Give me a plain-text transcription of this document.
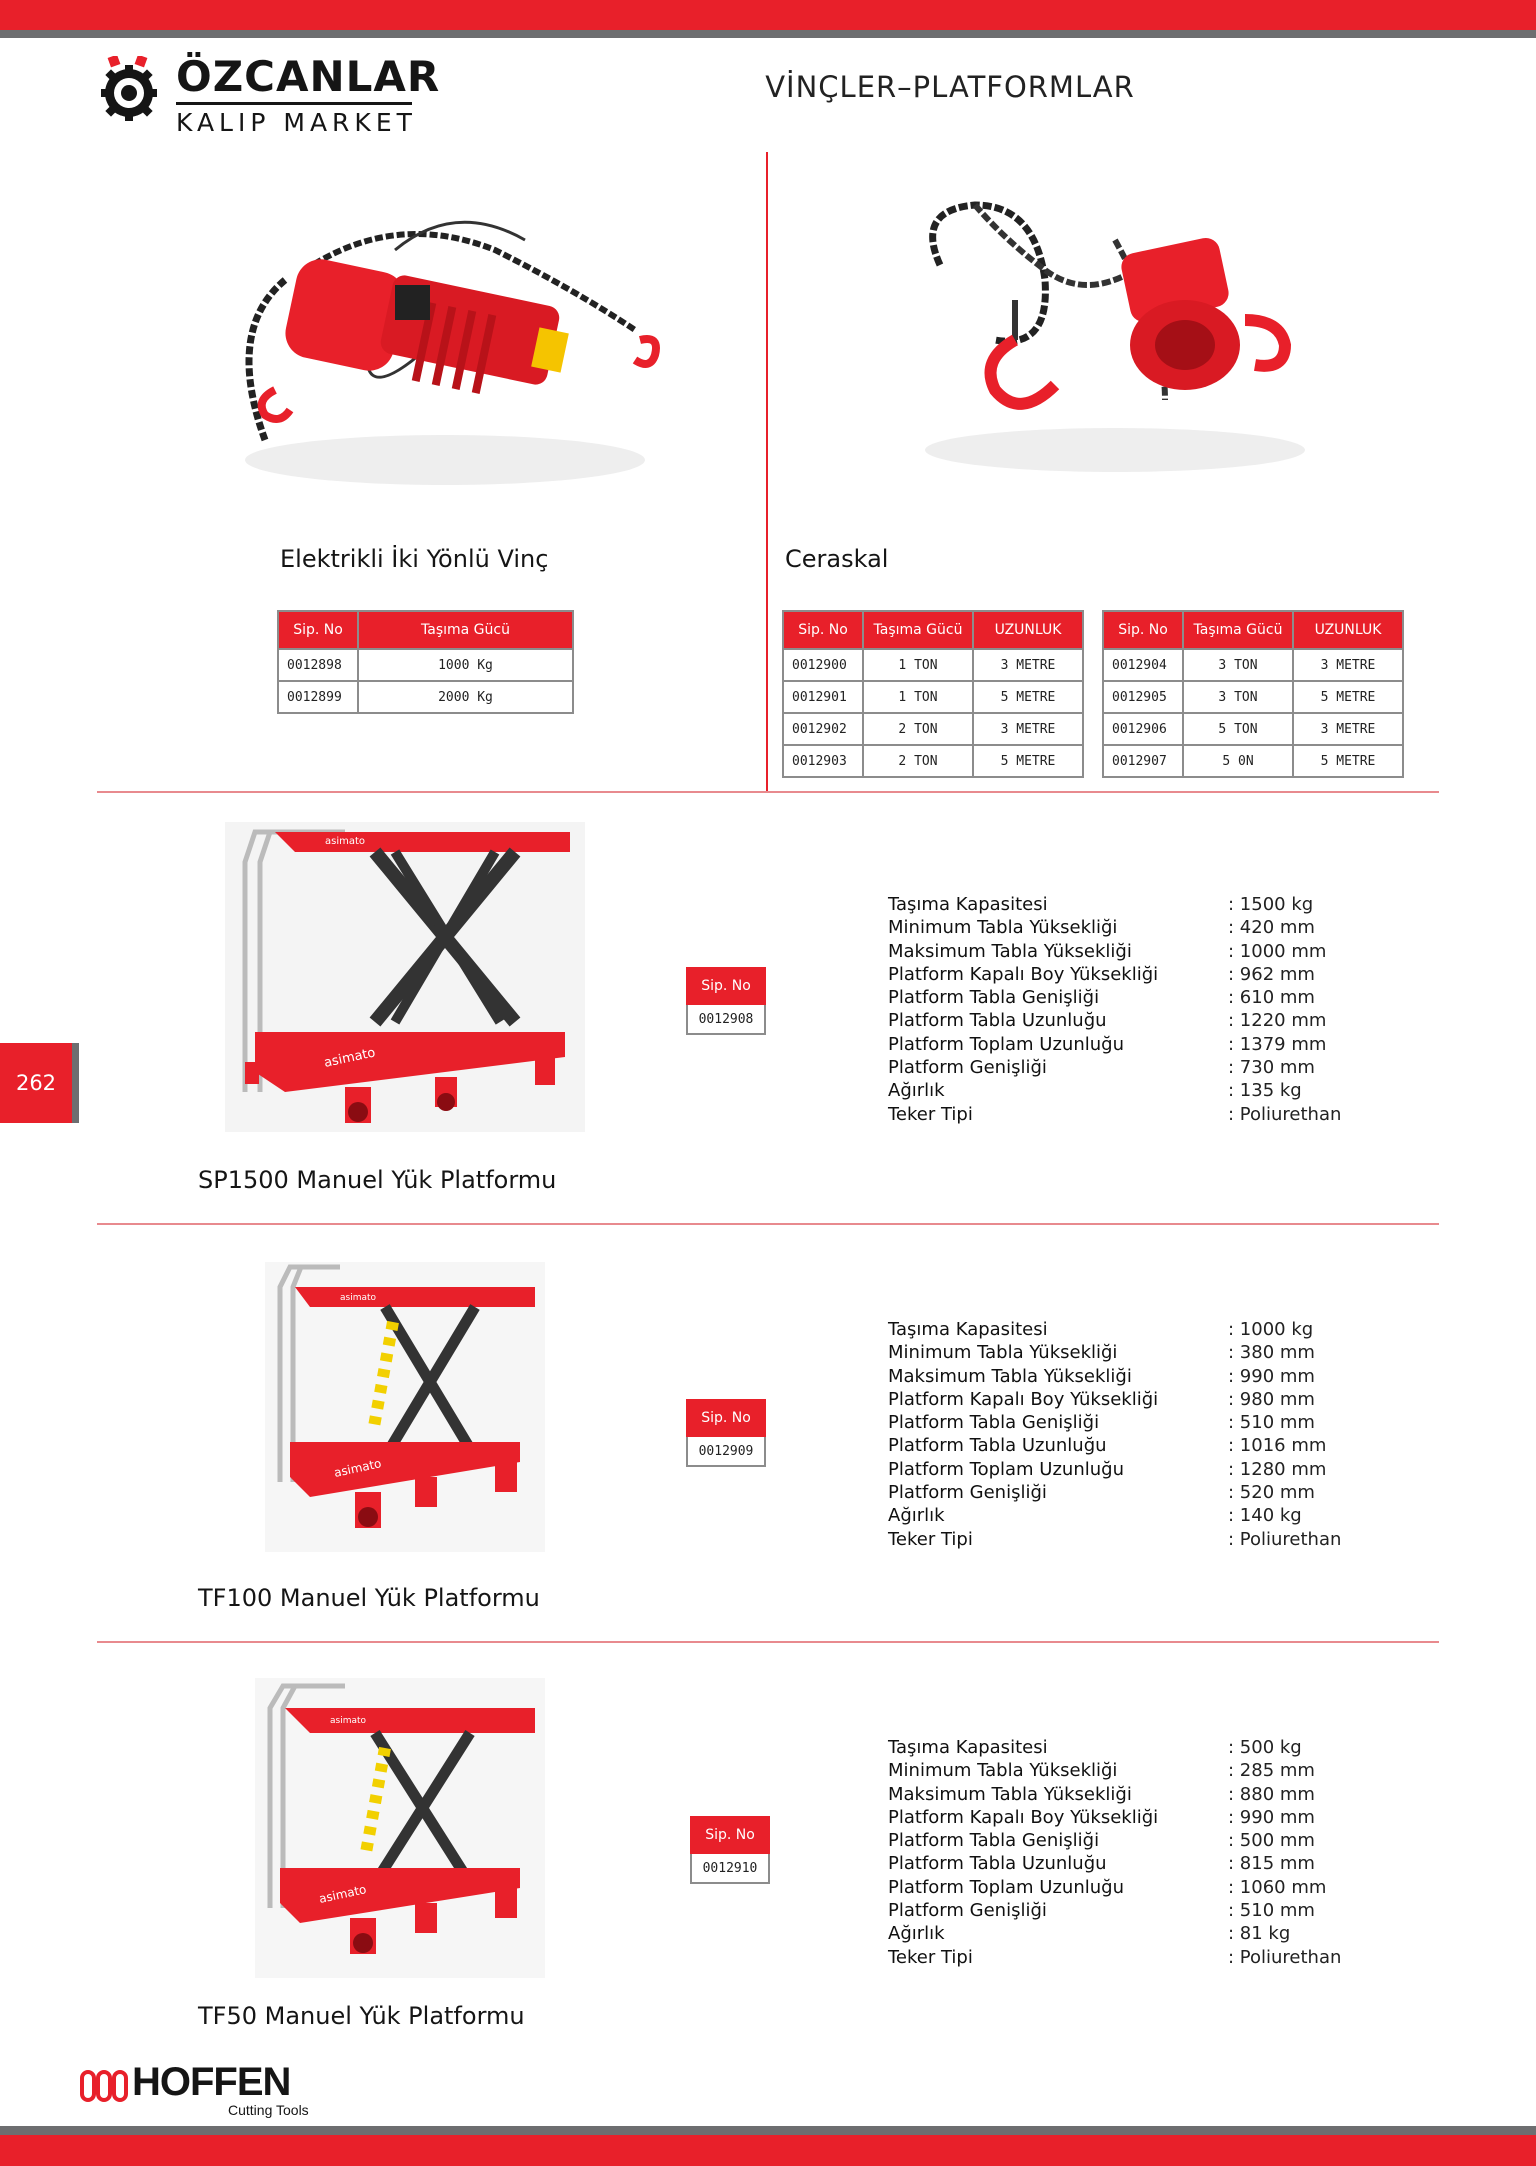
ÖZCANLAR
KALIP MARKET
VİNÇLER–PLATFORMLAR
262
Elektrikli İki Yönlü Vinç
Sip. No	Taşıma Gücü
0012898	1000 Kg
0012899	2000 Kg
Ceraskal
Sip. No	Taşıma Gücü	UZUNLUK
0012900	1 TON	3 METRE
0012901	1 TON	5 METRE
0012902	2 TON	3 METRE
0012903	2 TON	5 METRE
Sip. No	Taşıma Gücü	UZUNLUK
0012904	3 TON	3 METRE
0012905	3 TON	5 METRE
0012906	5 TON	3 METRE
0012907	5 0N	5 METRE
asimato
asimato
Sip. No
0012908
Taşıma Kapasitesi	: 1500 kg
Minimum Tabla Yüksekliği	: 420 mm
Maksimum Tabla Yüksekliği	: 1000 mm
Platform Kapalı Boy Yüksekliği	: 962 mm
Platform Tabla Genişliği	: 610 mm
Platform Tabla Uzunluğu	: 1220 mm
Platform Toplam Uzunluğu	: 1379 mm
Platform Genişliği	: 730 mm
Ağırlık	: 135 kg
Teker Tipi	: Poliurethan
SP1500 Manuel Yük Platformu
asimato
asimato
Sip. No
0012909
Taşıma Kapasitesi	: 1000 kg
Minimum Tabla Yüksekliği	: 380 mm
Maksimum Tabla Yüksekliği	: 990 mm
Platform Kapalı Boy Yüksekliği	: 980 mm
Platform Tabla Genişliği	: 510 mm
Platform Tabla Uzunluğu	: 1016 mm
Platform Toplam Uzunluğu	: 1280 mm
Platform Genişliği	: 520 mm
Ağırlık	: 140 kg
Teker Tipi	: Poliurethan
TF100 Manuel Yük Platformu
asimato
asimato
Sip. No
0012910
Taşıma Kapasitesi	: 500 kg
Minimum Tabla Yüksekliği	: 285 mm
Maksimum Tabla Yüksekliği	: 880 mm
Platform Kapalı Boy Yüksekliği	: 990 mm
Platform Tabla Genişliği	: 500 mm
Platform Tabla Uzunluğu	: 815 mm
Platform Toplam Uzunluğu	: 1060 mm
Platform Genişliği	: 510 mm
Ağırlık	: 81 kg
Teker Tipi	: Poliurethan
TF50 Manuel Yük Platformu
HOFFEN
Cutting Tools
